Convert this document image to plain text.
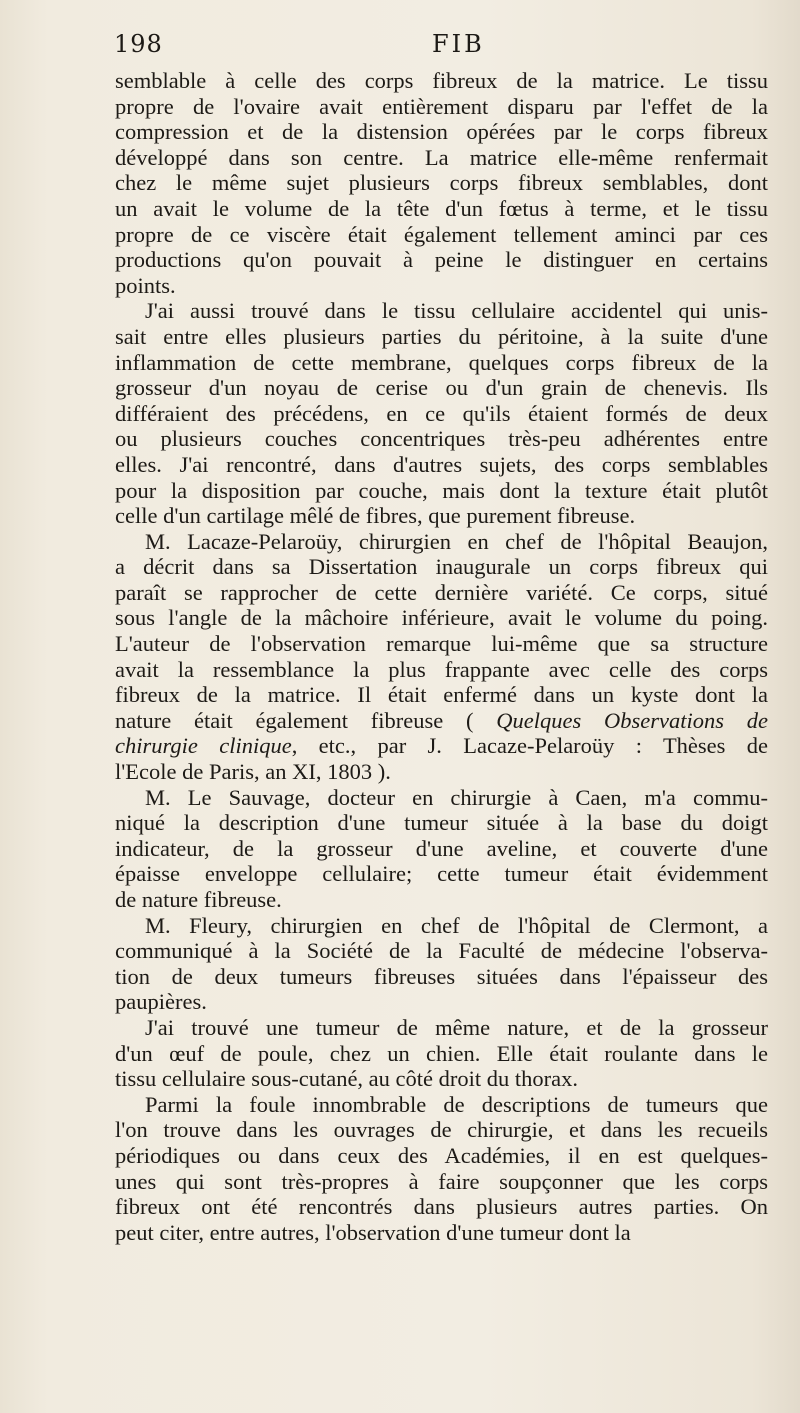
198	FIB
semblable à celle des corps fibreux de la matrice. Le tissu
propre de l'ovaire avait entièrement disparu par l'effet de la
compression et de la distension opérées par le corps fibreux
développé dans son centre. La matrice elle-même renfermait
chez le même sujet plusieurs corps fibreux semblables, dont
un avait le volume de la tête d'un fœtus à terme, et le tissu
propre de ce viscère était également tellement aminci par ces
productions qu'on pouvait à peine le distinguer en certains
points.
J'ai aussi trouvé dans le tissu cellulaire accidentel qui unis-
sait entre elles plusieurs parties du péritoine, à la suite d'une
inflammation de cette membrane, quelques corps fibreux de la
grosseur d'un noyau de cerise ou d'un grain de chenevis. Ils
différaient des précédens, en ce qu'ils étaient formés de deux
ou plusieurs couches concentriques très-peu adhérentes entre
elles. J'ai rencontré, dans d'autres sujets, des corps semblables
pour la disposition par couche, mais dont la texture était plutôt
celle d'un cartilage mêlé de fibres, que purement fibreuse.
M. Lacaze-Pelaroüy, chirurgien en chef de l'hôpital Beaujon,
a décrit dans sa Dissertation inaugurale un corps fibreux qui
paraît se rapprocher de cette dernière variété. Ce corps, situé
sous l'angle de la mâchoire inférieure, avait le volume du poing.
L'auteur de l'observation remarque lui-même que sa structure
avait la ressemblance la plus frappante avec celle des corps
fibreux de la matrice. Il était enfermé dans un kyste dont la
nature était également fibreuse ( Quelques Observations de
chirurgie clinique, etc., par J. Lacaze-Pelaroüy : Thèses de
l'Ecole de Paris, an XI, 1803 ).
M. Le Sauvage, docteur en chirurgie à Caen, m'a commu-
niqué la description d'une tumeur située à la base du doigt
indicateur, de la grosseur d'une aveline, et couverte d'une
épaisse enveloppe cellulaire; cette tumeur était évidemment
de nature fibreuse.
M. Fleury, chirurgien en chef de l'hôpital de Clermont, a
communiqué à la Société de la Faculté de médecine l'observa-
tion de deux tumeurs fibreuses situées dans l'épaisseur des
paupières.
J'ai trouvé une tumeur de même nature, et de la grosseur
d'un œuf de poule, chez un chien. Elle était roulante dans le
tissu cellulaire sous-cutané, au côté droit du thorax.
Parmi la foule innombrable de descriptions de tumeurs que
l'on trouve dans les ouvrages de chirurgie, et dans les recueils
périodiques ou dans ceux des Académies, il en est quelques-
unes qui sont très-propres à faire soupçonner que les corps
fibreux ont été rencontrés dans plusieurs autres parties. On
peut citer, entre autres, l'observation d'une tumeur dont la
